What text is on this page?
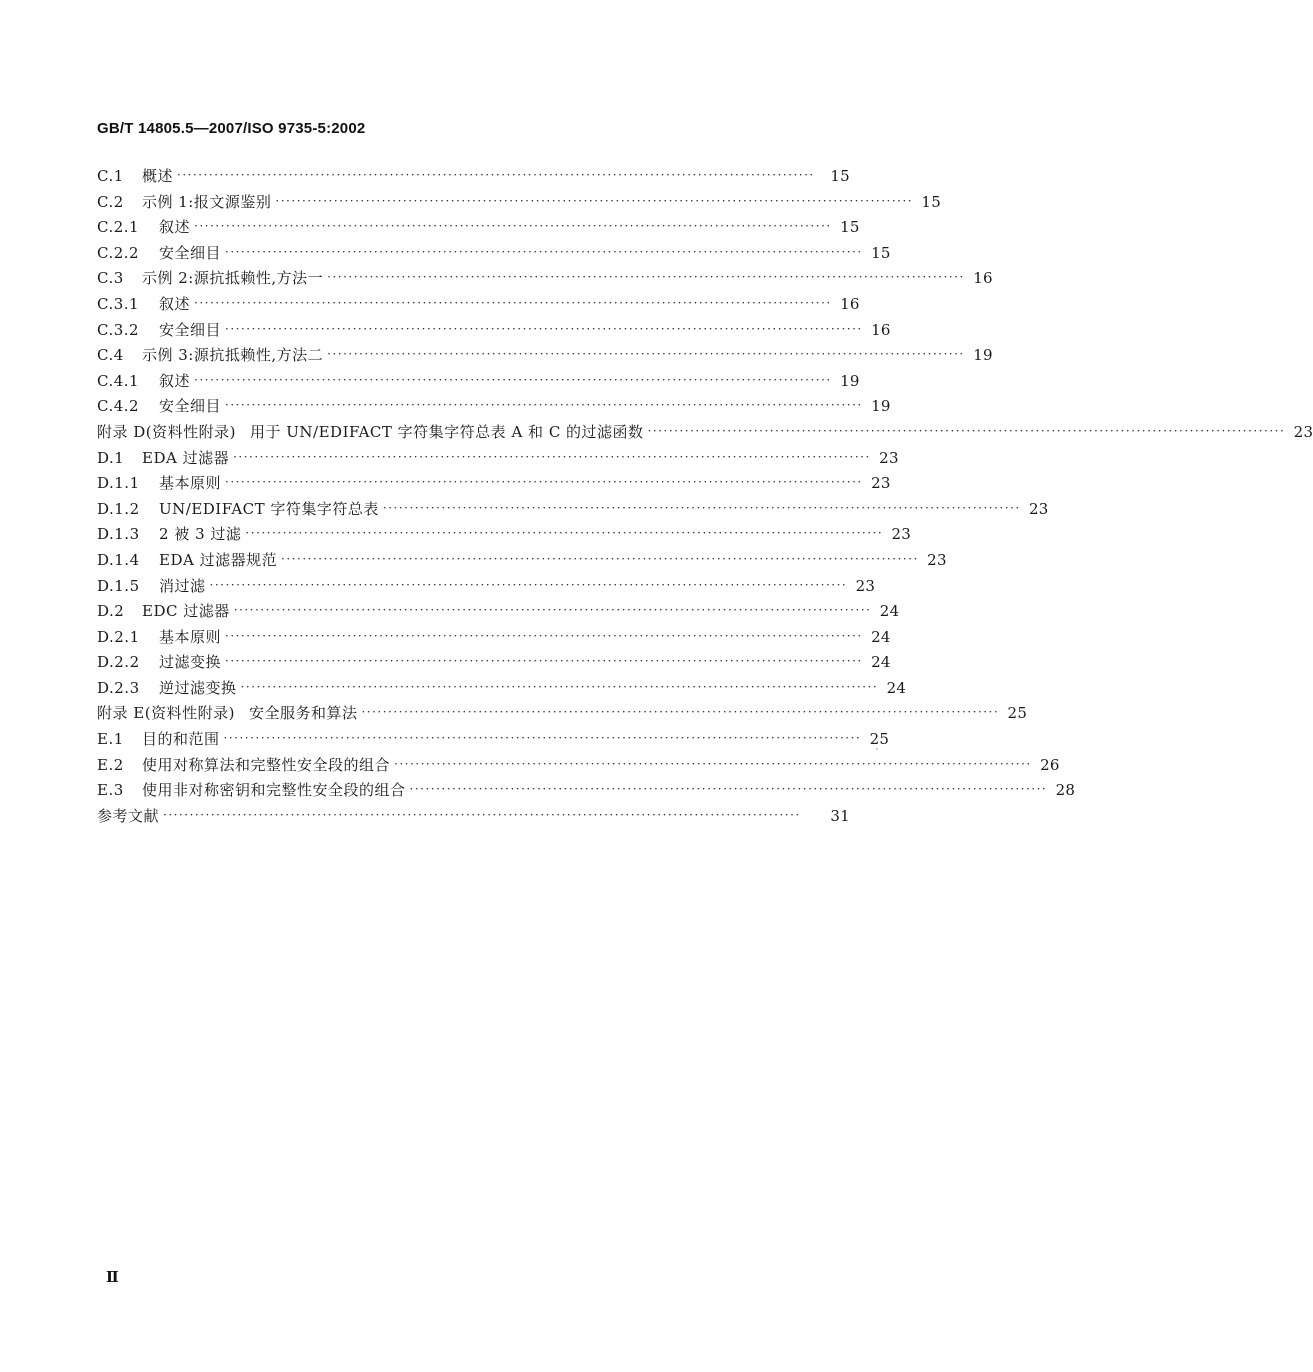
GB/T 14805.5—2007/ISO 9735-5:2002
C.1	概述 ························································································································	15
C.2	示例 1:报文源鉴别 ························································································································ 15
C.2.1	叙述 ························································································································ 15
C.2.2	安全细目 ························································································································ 15
C.3	示例 2:源抗抵赖性,方法一 ························································································································ 16
C.3.1	叙述 ························································································································ 16
C.3.2	安全细目 ························································································································ 16
C.4	示例 3:源抗抵赖性,方法二 ························································································································ 19
C.4.1	叙述 ························································································································ 19
C.4.2	安全细目 ························································································································ 19
附录 D(资料性附录) 用于 UN/EDIFACT 字符集字符总表 A 和 C 的过滤函数 ························································································································ 23
D.1	EDA 过滤器 ························································································································ 23
D.1.1	基本原则 ························································································································ 23
D.1.2	UN/EDIFACT 字符集字符总表 ························································································································ 23
D.1.3	2 被 3 过滤 ························································································································ 23
D.1.4	EDA 过滤器规范 ························································································································ 23
D.1.5	消过滤 ························································································································ 23
D.2	EDC 过滤器 ························································································································ 24
D.2.1	基本原则 ························································································································ 24
D.2.2	过滤变换 ························································································································ 24
D.2.3	逆过滤变换 ························································································································ 24
附录 E(资料性附录) 安全服务和算法 ························································································································ 25
E.1	目的和范围 ························································································································ 25
E.2	使用对称算法和完整性安全段的组合 ························································································································ 26
E.3	使用非对称密钥和完整性安全段的组合 ························································································································ 28
参考文献 ························································································································	31
Ⅱ
